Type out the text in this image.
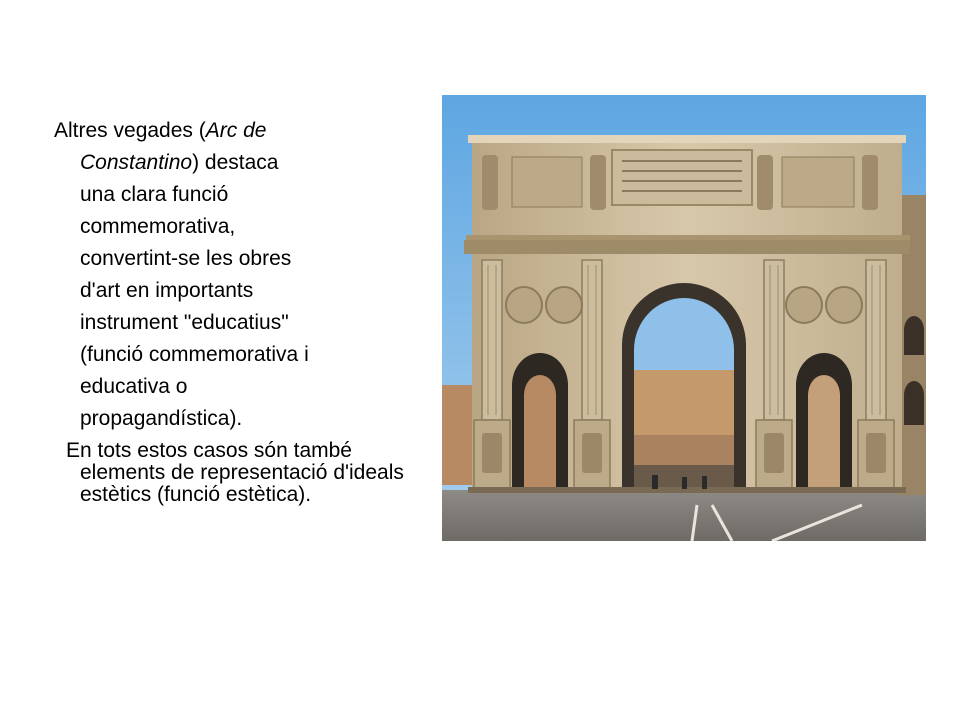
Altres vegades (Arc de
Constantino) destaca
una clara funció
commemorativa,
convertint-se les obres
d'art en importants
instrument "educatius"
(funció commemorativa i
educativa o
propagandística).
En tots estos casos són també elements de representació d'ideals estètics (funció estètica).
